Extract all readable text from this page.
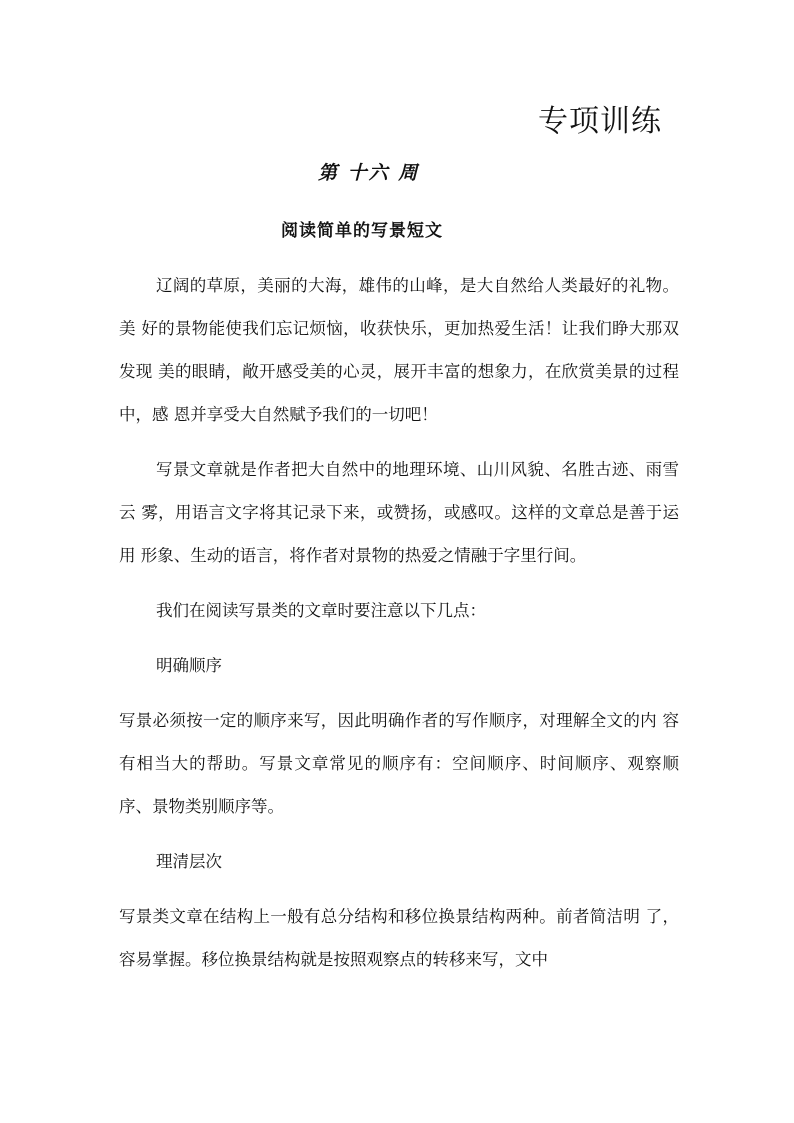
专项训练
第 十六 周
阅读简单的写景短文

辽阔的草原，美丽的大海，雄伟的山峰，是大自然给人类最好的礼物。美 好的景物能使我们忘记烦恼，收获快乐，更加热爱生活！让我们睁大那双发现 美的眼睛，敞开感受美的心灵，展开丰富的想象力，在欣赏美景的过程中，感 恩并享受大自然赋予我们的一切吧！

写景文章就是作者把大自然中的地理环境、山川风貌、名胜古迹、雨雪云 雾，用语言文字将其记录下来，或赞扬，或感叹。这样的文章总是善于运用 形象、生动的语言，将作者对景物的热爱之情融于字里行间。

我们在阅读写景类的文章时要注意以下几点：

明确顺序

写景必须按一定的顺序来写，因此明确作者的写作顺序，对理解全文的内 容有相当大的帮助。写景文章常见的顺序有：空间顺序、时间顺序、观察顺 序、景物类别顺序等。

理清层次

写景类文章在结构上一般有总分结构和移位换景结构两种。前者简洁明 了，容易掌握。移位换景结构就是按照观察点的转移来写，文中
